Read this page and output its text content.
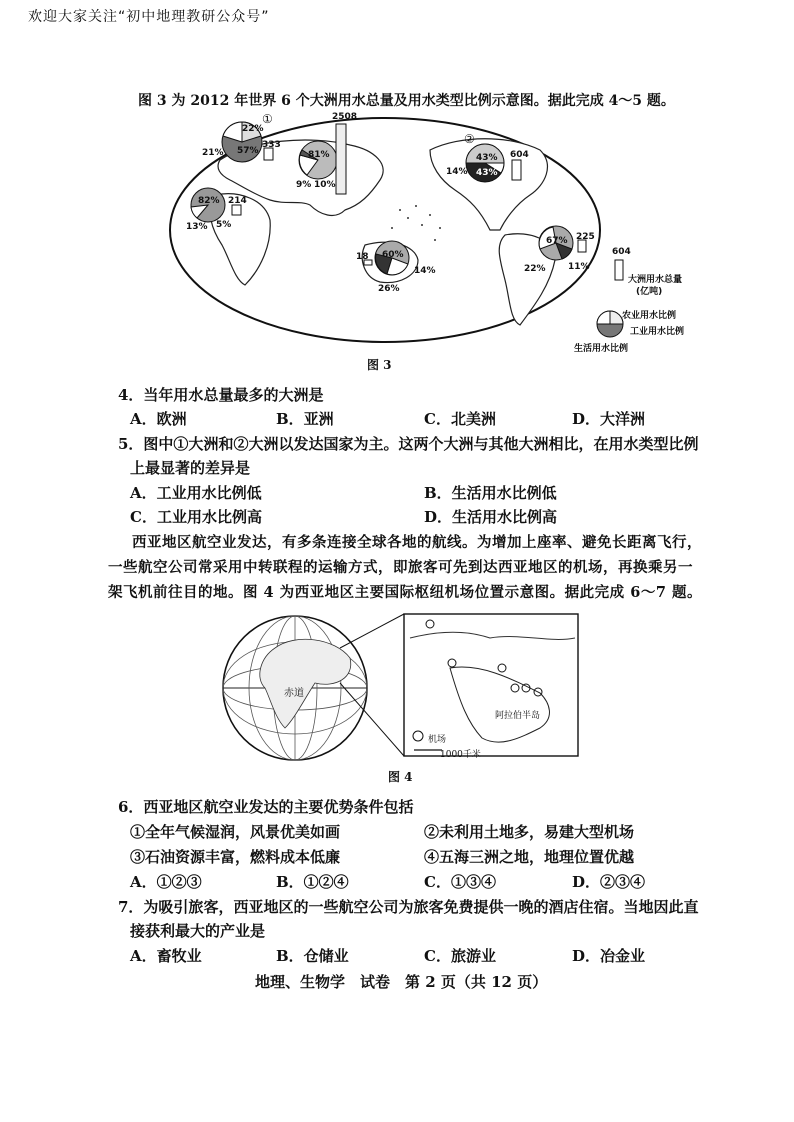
欢迎大家关注“初中地理教研公众号”
图 3 为 2012 年世界 6 个大洲用水总量及用水类型比例示意图。据此完成 4～5 题。
22%
21% 57%
333
2508
81%
9% 10%
②
①
43%
14% 43%
604
82%
13% 5%
214
60%
26%
14%
18
67%
22% 11%
225
604
大洲用水总量
(亿吨)
农业用水比例
工业用水比例
生活用水比例
图 3
4．当年用水总量最多的大洲是
A．欧洲	B．亚洲	C．北美洲	D．大洋洲
5．图中①大洲和②大洲以发达国家为主。这两个大洲与其他大洲相比，在用水类型比例
上最显著的差异是
A．工业用水比例低	B．生活用水比例低
C．工业用水比例高	D．生活用水比例高
西亚地区航空业发达，有多条连接全球各地的航线。为增加上座率、避免长距离飞行，
一些航空公司常采用中转联程的运输方式，即旅客可先到达西亚地区的机场，再换乘另一
架飞机前往目的地。图 4 为西亚地区主要国际枢纽机场位置示意图。据此完成 6～7 题。
赤道
阿拉伯半岛
机场
1000千米
图 4
6．西亚地区航空业发达的主要优势条件包括
①全年气候湿润，风景优美如画	②未利用土地多，易建大型机场
③石油资源丰富，燃料成本低廉	④五海三洲之地，地理位置优越
A．①②③	B．①②④	C．①③④	D．②③④
7．为吸引旅客，西亚地区的一些航空公司为旅客免费提供一晚的酒店住宿。当地因此直
接获利最大的产业是
A．畜牧业	B．仓储业	C．旅游业	D．冶金业
地理、生物学　试卷　第 2 页（共 12 页）
